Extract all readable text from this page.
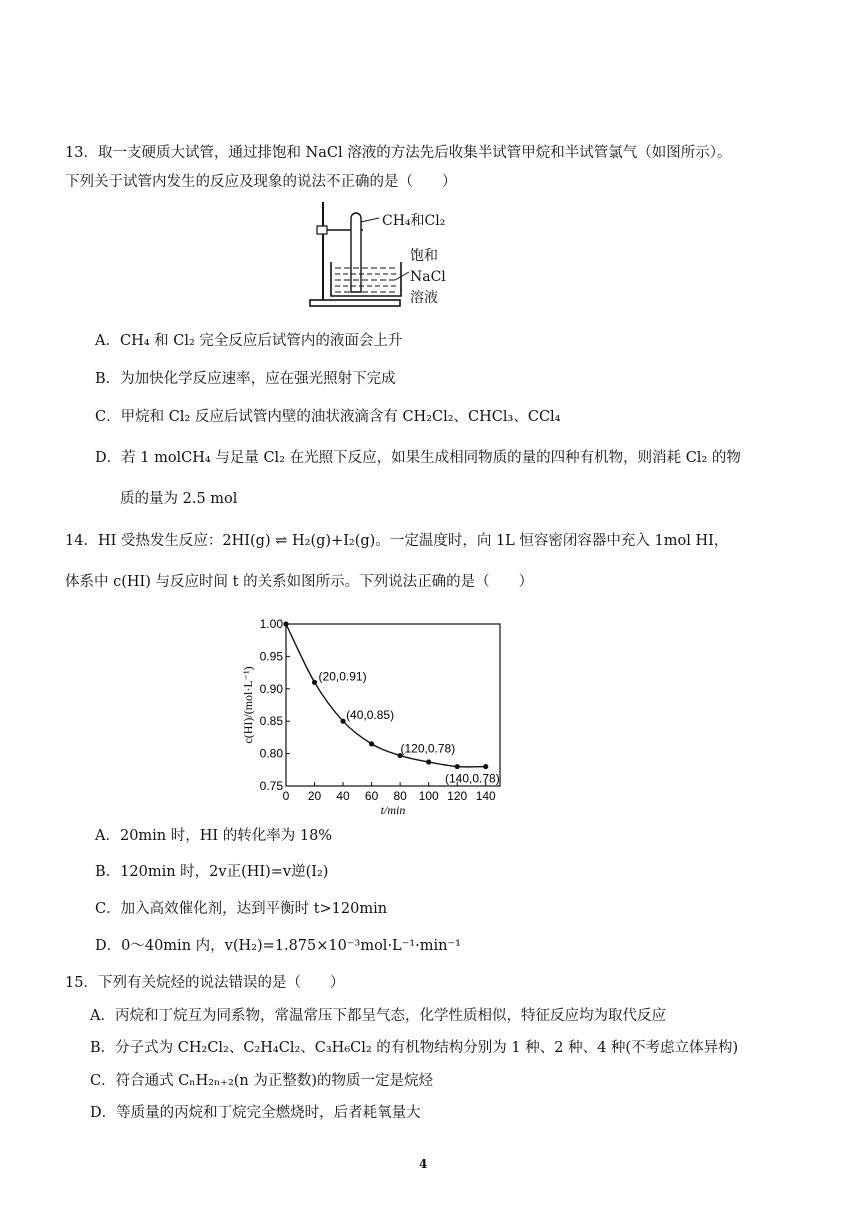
13．取一支硬质大试管，通过排饱和 NaCl 溶液的方法先后收集半试管甲烷和半试管氯气（如图所示）。
下列关于试管内发生的反应及现象的说法不正确的是（　　）
CH₄和Cl₂
饱和
NaCl
溶液
A．CH₄ 和 Cl₂ 完全反应后试管内的液面会上升
B．为加快化学反应速率，应在强光照射下完成
C．甲烷和 Cl₂ 反应后试管内壁的油状液滴含有 CH₂Cl₂、CHCl₃、CCl₄
D．若 1 molCH₄ 与足量 Cl₂ 在光照下反应，如果生成相同物质的量的四种有机物，则消耗 Cl₂ 的物
质的量为 2.5 mol
14．HI 受热发生反应：2HI(g) ⇌ H₂(g)+I₂(g)。一定温度时，向 1L 恒容密闭容器中充入 1mol HI，
体系中 c(HI) 与反应时间 t 的关系如图所示。下列说法正确的是（　　）
0 20 40 60 80 100 120 140
0.75
0.80
0.85
0.90
0.95
1.00
t/min
c(HI)/(mol·L⁻¹)	(20,0.91)
(40,0.85)
(120,0.78)
(140,0.78)
A．20min 时，HI 的转化率为 18%
B．120min 时，2v正(HI)=v逆(I₂)
C．加入高效催化剂，达到平衡时 t>120min
D．0～40min 内，v(H₂)=1.875×10⁻³mol·L⁻¹·min⁻¹
15．下列有关烷烃的说法错误的是（　　）
A．丙烷和丁烷互为同系物，常温常压下都呈气态，化学性质相似，特征反应均为取代反应
B．分子式为 CH₂Cl₂、C₂H₄Cl₂、C₃H₆Cl₂ 的有机物结构分别为 1 种、2 种、4 种(不考虑立体异构)
C．符合通式 CₙH₂ₙ₊₂(n 为正整数)的物质一定是烷烃
D．等质量的丙烷和丁烷完全燃烧时，后者耗氧量大
4
